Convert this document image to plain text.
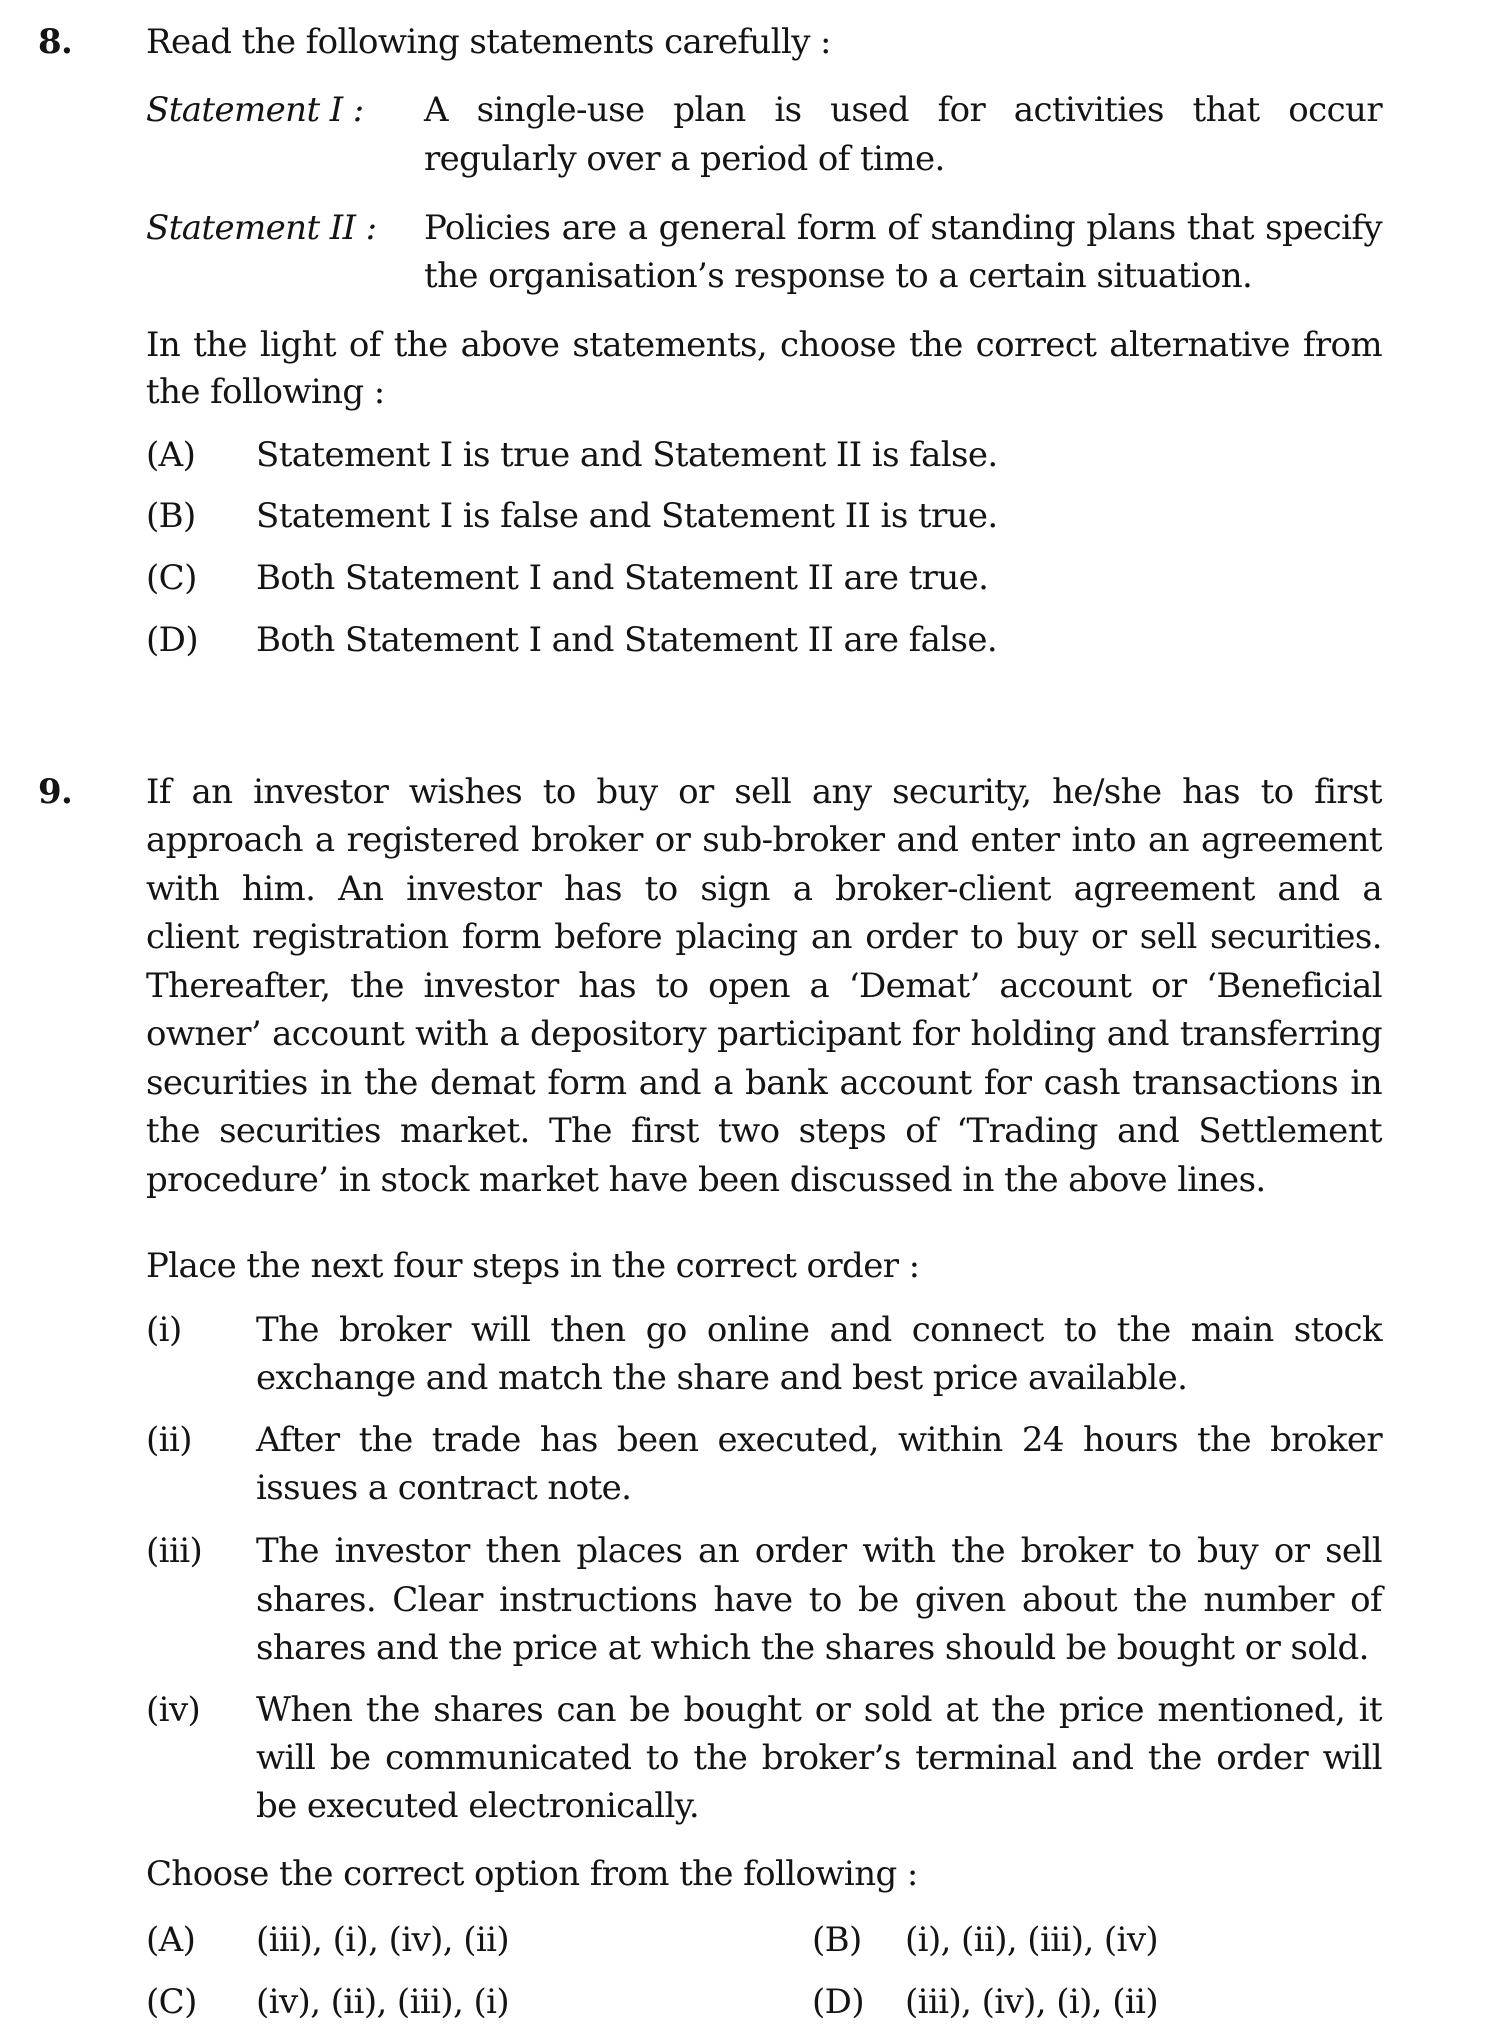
8. Read the following statements carefully :
Statement I : A single-use plan is used for activities that occur
regularly over a period of time.
Statement II : Policies are a general form of standing plans that specify
the organisation’s response to a certain situation.
In the light of the above statements, choose the correct alternative from
the following :
(A) Statement I is true and Statement II is false.
(B) Statement I is false and Statement II is true.
(C) Both Statement I and Statement II are true.
(D) Both Statement I and Statement II are false.
9. If an investor wishes to buy or sell any security, he/she has to first
approach a registered broker or sub-broker and enter into an agreement
with him. An investor has to sign a broker-client agreement and a
client registration form before placing an order to buy or sell securities.
Thereafter, the investor has to open a ‘Demat’ account or ‘Beneficial
owner’ account with a depository participant for holding and transferring
securities in the demat form and a bank account for cash transactions in
the securities market. The first two steps of ‘Trading and Settlement
procedure’ in stock market have been discussed in the above lines.
Place the next four steps in the correct order :
(i) The broker will then go online and connect to the main stock
exchange and match the share and best price available.
(ii) After the trade has been executed, within 24 hours the broker
issues a contract note.
(iii) The investor then places an order with the broker to buy or sell
shares. Clear instructions have to be given about the number of
shares and the price at which the shares should be bought or sold.
(iv) When the shares can be bought or sold at the price mentioned, it
will be communicated to the broker’s terminal and the order will
be executed electronically.
Choose the correct option from the following :
(A) (iii), (i), (iv), (ii)	(B) (i), (ii), (iii), (iv)
(C) (iv), (ii), (iii), (i)	(D) (iii), (iv), (i), (ii)
